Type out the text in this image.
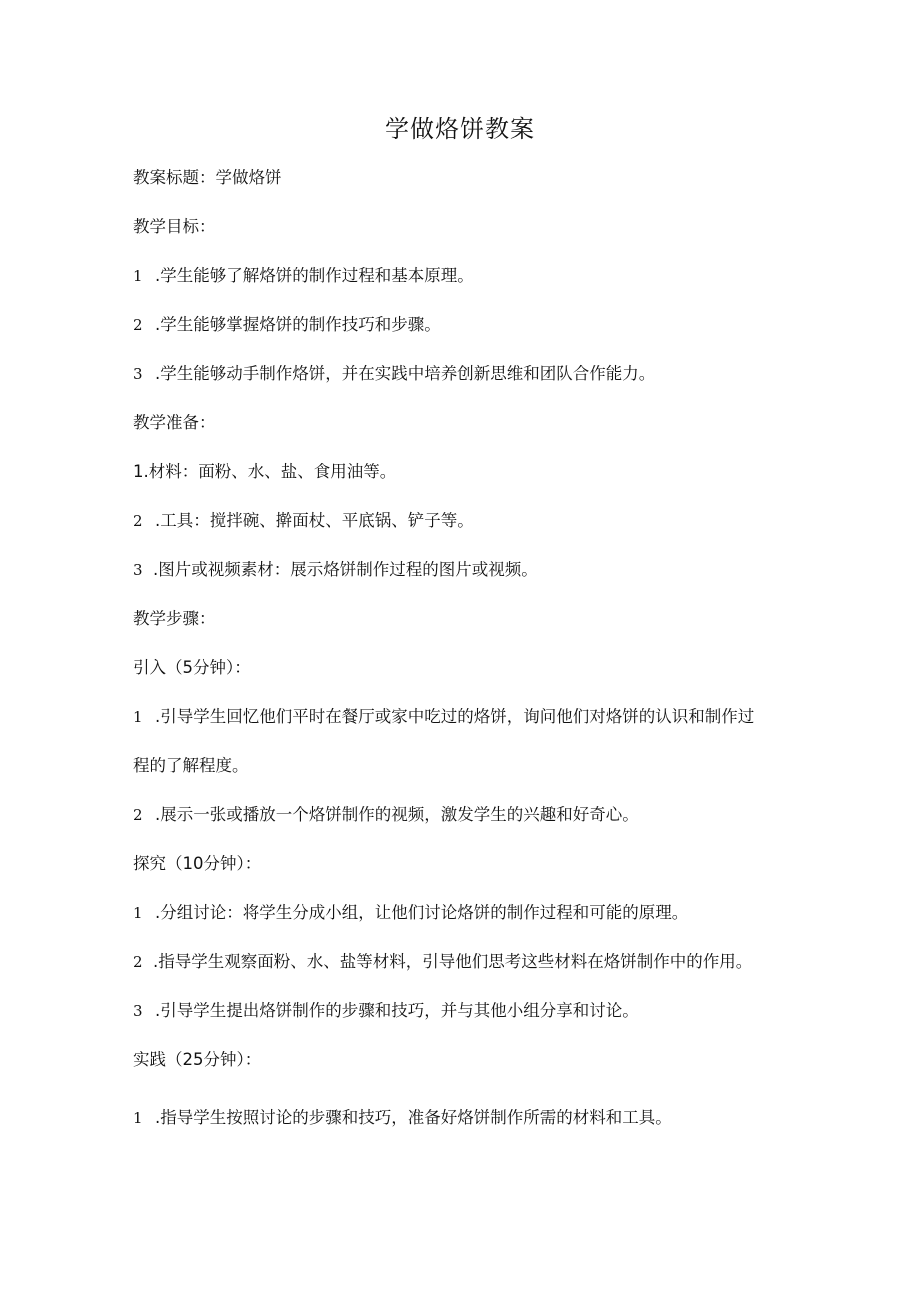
学做烙饼教案

教案标题：学做烙饼

教学目标：

1 .学生能够了解烙饼的制作过程和基本原理。

2 .学生能够掌握烙饼的制作技巧和步骤。

3 .学生能够动手制作烙饼，并在实践中培养创新思维和团队合作能力。

教学准备：

1.材料：面粉、水、盐、食用油等。

2 .工具：搅拌碗、擀面杖、平底锅、铲子等。

3 .图片或视频素材：展示烙饼制作过程的图片或视频。

教学步骤：

引入（5分钟）：

1 .引导学生回忆他们平时在餐厅或家中吃过的烙饼，询问他们对烙饼的认识和制作过

程的了解程度。

2 .展示一张或播放一个烙饼制作的视频，激发学生的兴趣和好奇心。

探究（10分钟）：

1 .分组讨论：将学生分成小组，让他们讨论烙饼的制作过程和可能的原理。

2 .指导学生观察面粉、水、盐等材料，引导他们思考这些材料在烙饼制作中的作用。

3 .引导学生提出烙饼制作的步骤和技巧，并与其他小组分享和讨论。

实践（25分钟）：

1 .指导学生按照讨论的步骤和技巧，准备好烙饼制作所需的材料和工具。
